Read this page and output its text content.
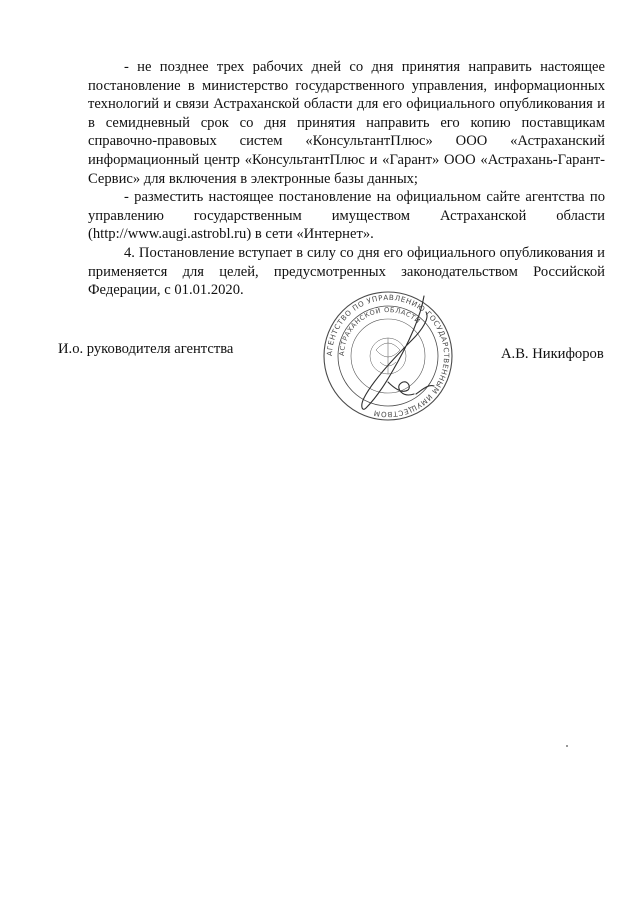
- не позднее трех рабочих дней со дня принятия направить настоящее постановление в министерство государственного управления, информационных технологий и связи Астраханской области для его официального опубликования и в семидневный срок со дня принятия направить его копию поставщикам справочно-правовых систем «КонсультантПлюс» ООО «Астраханский информационный центр «КонсультантПлюс и «Гарант» ООО «Астрахань-Гарант-Сервис» для включения в электронные базы данных;

- разместить настоящее постановление на официальном сайте агентства по управлению государственным имуществом Астраханской области (http://www.augi.astrobl.ru) в сети «Интернет».

4. Постановление вступает в силу со дня его официального опубликования и применяется для целей, предусмотренных законодательством Российской Федерации, с 01.01.2020.

И.о. руководителя агентства	АГЕНТСТВО ПО УПРАВЛЕНИЮ ГОСУДАРСТВЕННЫМ ИМУЩЕСТВОМ
АСТРАХАНСКОЙ ОБЛАСТИ
А.В. Никифоров
